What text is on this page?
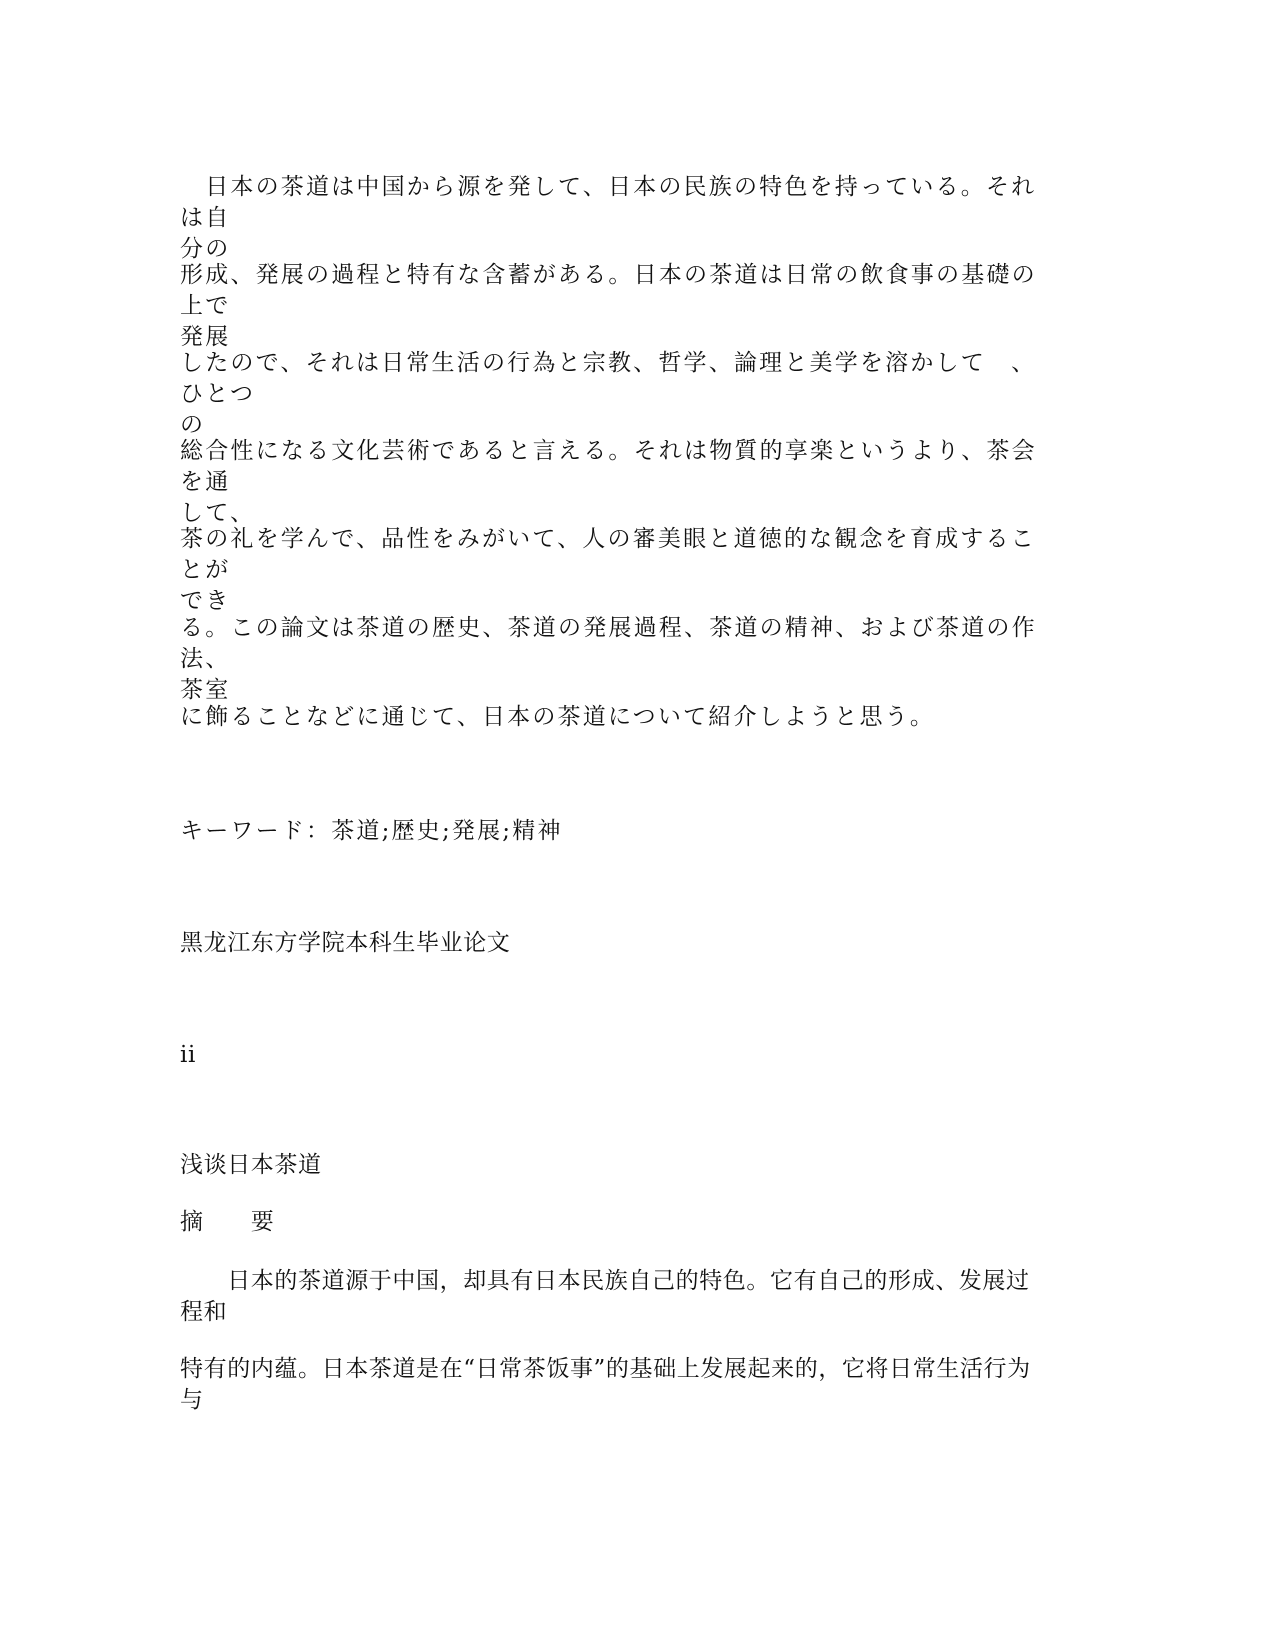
　日本の茶道は中国から源を発して、日本の民族の特色を持っている。それは自
分の

形成、発展の過程と特有な含蓄がある。日本の茶道は日常の飲食事の基礎の上で
発展

したので、それは日常生活の行為と宗教、哲学、論理と美学を溶かして　、ひとつ
の

総合性になる文化芸術であると言える。それは物質的享楽というより、茶会を通
して、

茶の礼を学んで、品性をみがいて、人の審美眼と道徳的な観念を育成することが
でき

る。この論文は茶道の歴史、茶道の発展過程、茶道の精神、および茶道の作法、
茶室

に飾ることなどに通じて、日本の茶道について紹介しようと思う。

キーワード：茶道;歴史;発展;精神

黑龙江东方学院本科生毕业论文

ii

浅谈日本茶道

摘　　要

　　日本的茶道源于中国，却具有日本民族自己的特色。它有自己的形成、发展过
程和

特有的内蕴。日本茶道是在“日常茶饭事”的基础上发展起来的，它将日常生活行为
与
